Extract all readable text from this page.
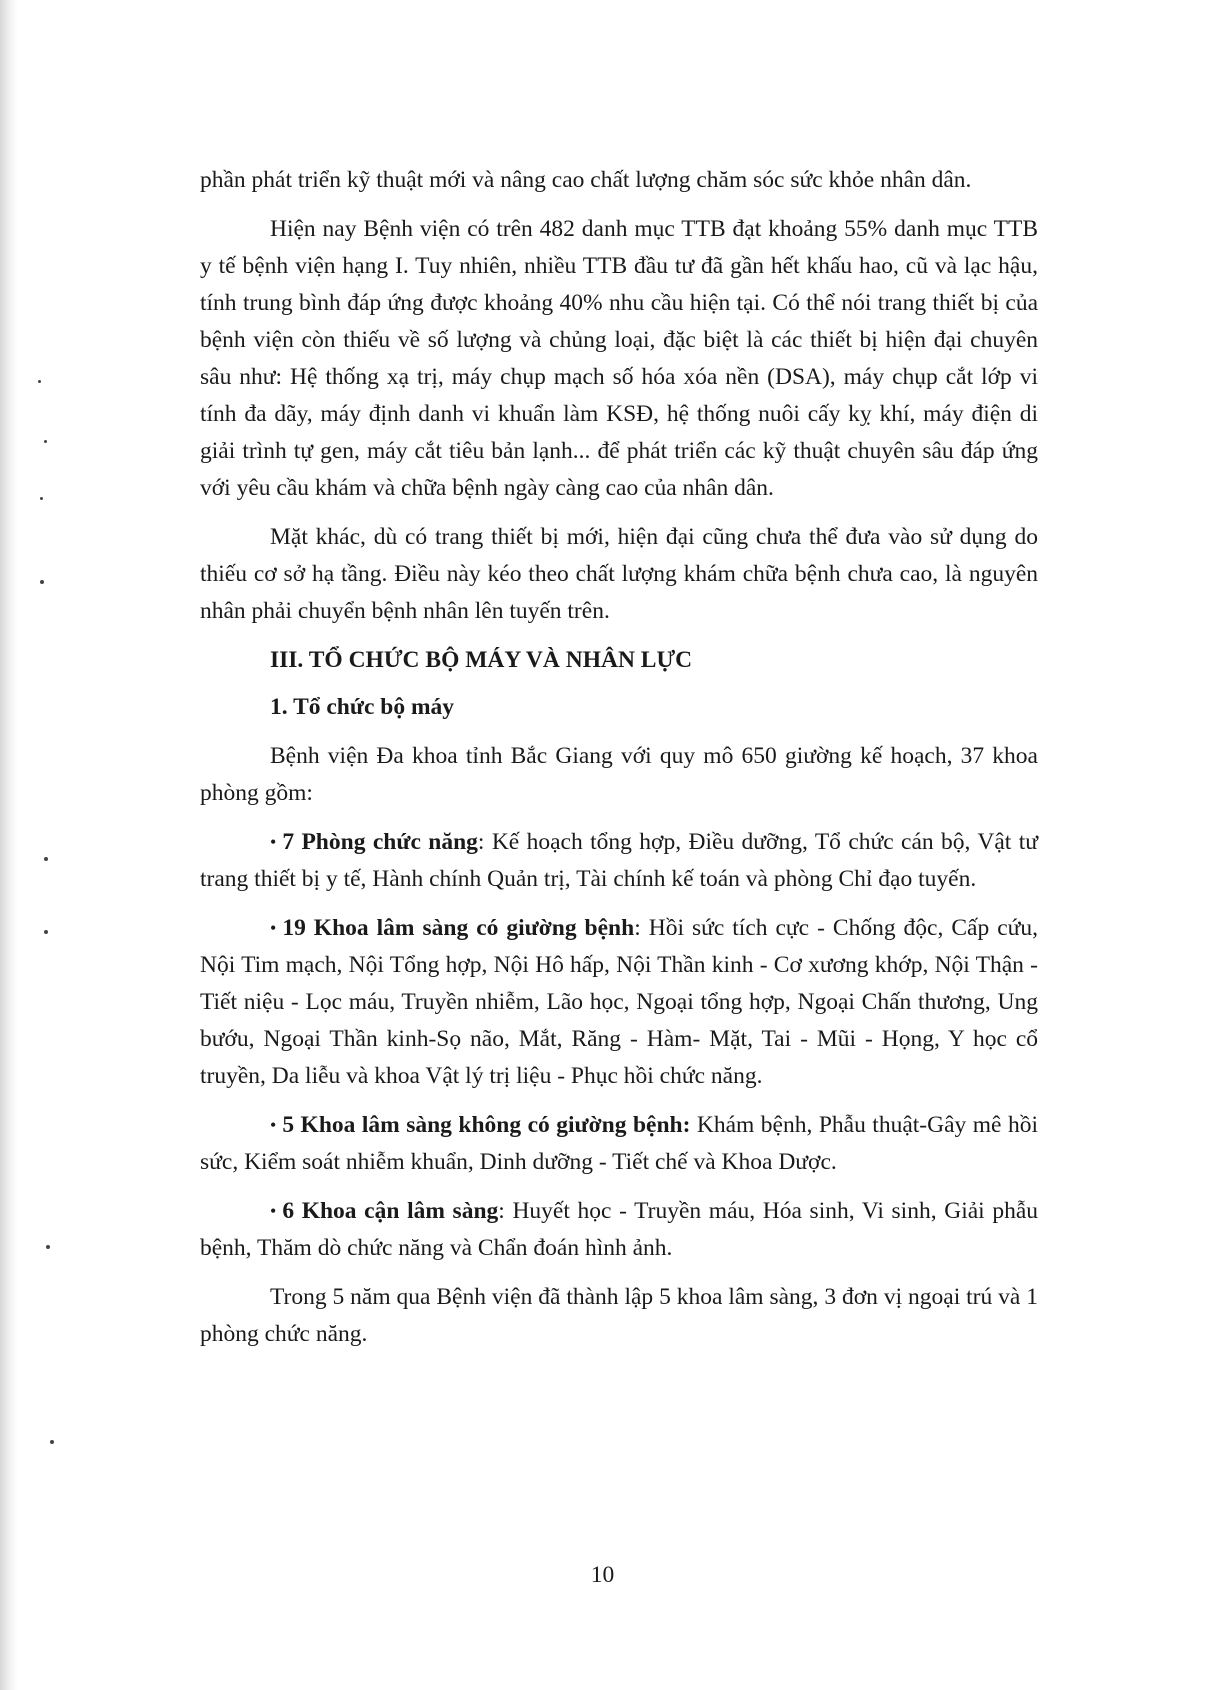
phần phát triển kỹ thuật mới và nâng cao chất lượng chăm sóc sức khỏe nhân dân.

Hiện nay Bệnh viện có trên 482 danh mục TTB đạt khoảng 55% danh mục TTB y tế bệnh viện hạng I. Tuy nhiên, nhiều TTB đầu tư đã gần hết khấu hao, cũ và lạc hậu, tính trung bình đáp ứng được khoảng 40% nhu cầu hiện tại. Có thể nói trang thiết bị của bệnh viện còn thiếu về số lượng và chủng loại, đặc biệt là các thiết bị hiện đại chuyên sâu như: Hệ thống xạ trị, máy chụp mạch số hóa xóa nền (DSA), máy chụp cắt lớp vi tính đa dãy, máy định danh vi khuẩn làm KSĐ, hệ thống nuôi cấy kỵ khí, máy điện di giải trình tự gen, máy cắt tiêu bản lạnh... để phát triển các kỹ thuật chuyên sâu đáp ứng với yêu cầu khám và chữa bệnh ngày càng cao của nhân dân.

Mặt khác, dù có trang thiết bị mới, hiện đại cũng chưa thể đưa vào sử dụng do thiếu cơ sở hạ tầng. Điều này kéo theo chất lượng khám chữa bệnh chưa cao, là nguyên nhân phải chuyển bệnh nhân lên tuyến trên.

III. TỔ CHỨC BỘ MÁY VÀ NHÂN LỰC
1. Tổ chức bộ máy

Bệnh viện Đa khoa tỉnh Bắc Giang với quy mô 650 giường kế hoạch, 37 khoa phòng gồm:

• 7 Phòng chức năng: Kế hoạch tổng hợp, Điều dưỡng, Tổ chức cán bộ, Vật tư trang thiết bị y tế, Hành chính Quản trị, Tài chính kế toán và phòng Chỉ đạo tuyến.

• 19 Khoa lâm sàng có giường bệnh: Hồi sức tích cực - Chống độc, Cấp cứu, Nội Tim mạch, Nội Tổng hợp, Nội Hô hấp, Nội Thần kinh - Cơ xương khớp, Nội Thận - Tiết niệu - Lọc máu, Truyền nhiễm, Lão học, Ngoại tổng hợp, Ngoại Chấn thương, Ung bướu, Ngoại Thần kinh-Sọ não, Mắt, Răng - Hàm- Mặt, Tai - Mũi - Họng, Y học cổ truyền, Da liễu và khoa Vật lý trị liệu - Phục hồi chức năng.

• 5 Khoa lâm sàng không có giường bệnh: Khám bệnh, Phẫu thuật-Gây mê hồi sức, Kiểm soát nhiễm khuẩn, Dinh dưỡng - Tiết chế và Khoa Dược.

• 6 Khoa cận lâm sàng: Huyết học - Truyền máu, Hóa sinh, Vi sinh, Giải phẫu bệnh, Thăm dò chức năng và Chẩn đoán hình ảnh.

Trong 5 năm qua Bệnh viện đã thành lập 5 khoa lâm sàng, 3 đơn vị ngoại trú và 1 phòng chức năng.

10
